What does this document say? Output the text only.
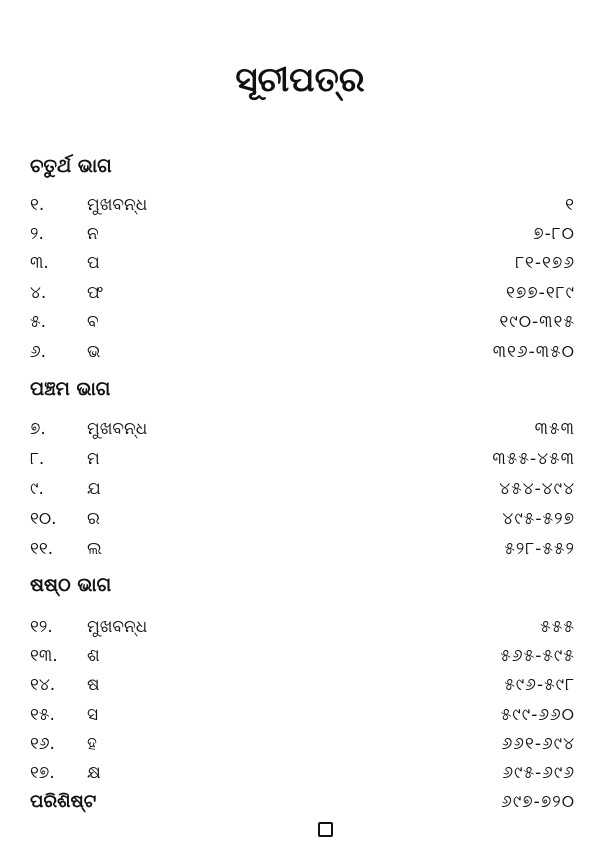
ସୂଚୀପତ୍ର
ଚତୁର୍ଥ ଭାଗ
୧.	ମୁଖବନ୍ଧ	୧
୨.	ନ	୭-୮୦
୩. ପ	୮୧-୧୭୬
୪. ଫ	୧୭୭-୧୮୯
୫. ବ	୧୯୦-୩୧୫
୬. ଭ	୩୧୬-୩୫୦
ପଞ୍ଚମ ଭାଗ
୭. ମୁଖବନ୍ଧ	୩୫୩
୮.	ମ	୩୫୫-୪୫୩
୯.	ଯ	୪୫୪-୪୯୪
୧୦. ର	୪୯୫-୫୨୭
୧୧. ଲ	୫୨୮-୫୫୨
ଷଷ୍ଠ ଭାଗ
୧୨. ମୁଖବନ୍ଧ	୫୫୫
୧୩. ଶ	୫୬୫-୫୯୫
୧୪. ଷ	୫୯୬-୫୯୮
୧୫. ସ	୫୯୯-୬୬୦
୧୬. ହ	୬୬୧-୬୯୪
୧୭. କ୍ଷ	୬୯୫-୬୯୬
ପରିଶିଷ୍ଟ	୬୯୭-୭୨୦
